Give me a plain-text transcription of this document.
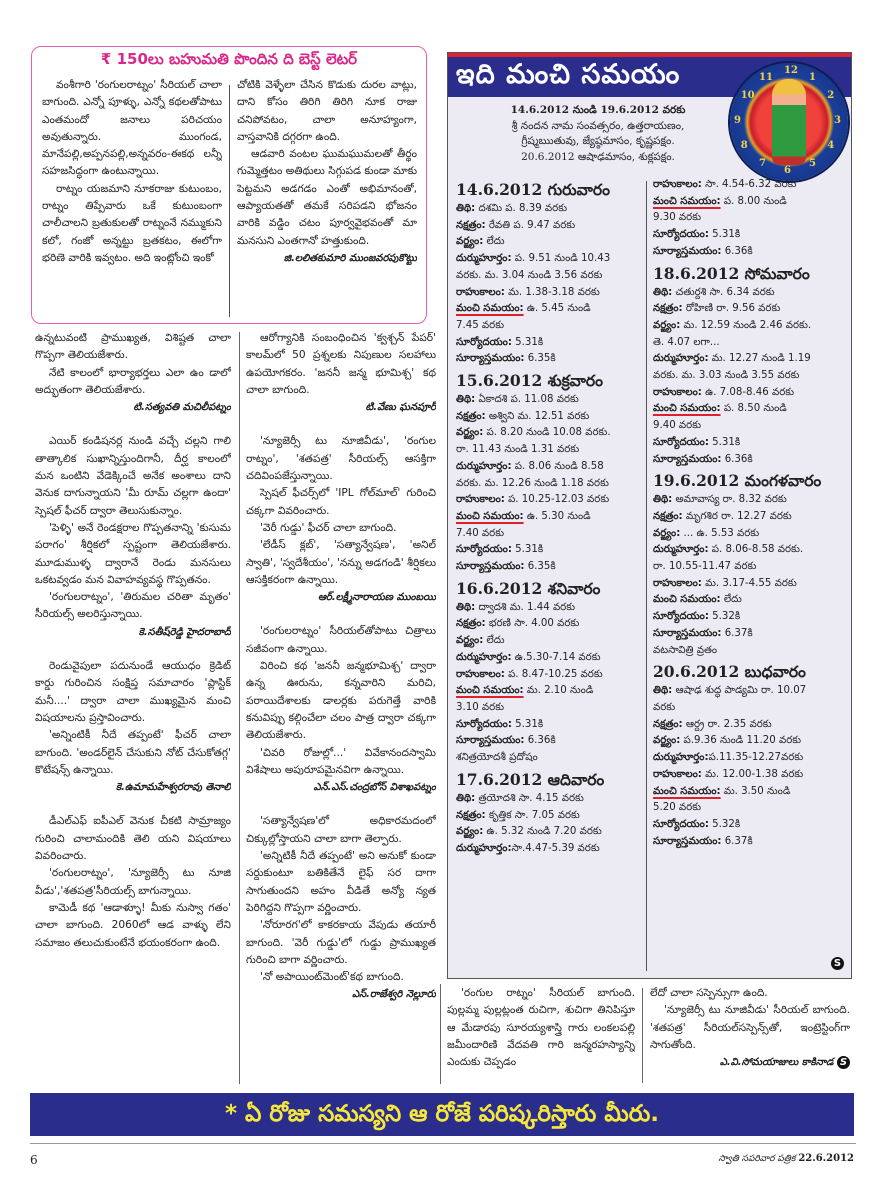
₹ 150లు బహుమతి పొందిన ది బెస్ట్ లెటర్

వంశీగారి 'రంగులరాట్నం' సీరియల్ చాలా బాగుంది. ఎన్నో పూళ్ళు, ఎన్నో కథలతోపాటు ఎంతమందో జనాలు పరిచయం అవుతున్నారు. ముంగండ, మానేపల్లి,అప్పనపల్లి,అన్నవరం-ఈకథ లన్నీ సహజసిద్ధంగా ఉంటున్నాయి.

రాట్నం యజమాని నూకరాజు కుటుంబం, రాట్నం తిప్పేవారు ఒకే కుటుంబంగా చాలీచాలని బ్రతుకులతో రాట్నంనే నమ్ముకుని కలో, గంజో అన్నట్టు బ్రతకటం, ఈలోగా భరిణె వారికి ఇవ్వటం. అది ఇంట్లోంచి ఇంకో

చోటికి వెళ్ళేలా చేసిన కొడుకు దురల వాట్లు, దాని కోసం తిరిగి తిరిగి నూక రాజు చనిపోవటం, చాలా అనూహ్యంగా, వాస్తవానికి దగ్గరగా ఉంది.

ఆడవారి వంటల ఘుమఘుమలతో తీర్థం గుమ్మెత్తటం అతిథులు సిగ్గుపడ కుండా మాకు పెట్టమని అడగడం ఎంతో అభిమానంతో, ఆప్యాయతతో తమకే సరిపడని భోజనం వారికి వడ్డిం చటం పూర్వవైభవంతో మా మనసుని ఎంతగానో హత్తుకుంది.

జి.లలితకుమారి ముంజవరపుకొట్టు

ఉన్నటువంటి ప్రాముఖ్యత, విశిష్టత చాలా గొప్పగా తెలియజేశారు.

నేటి కాలంలో భార్యాభర్తలు ఎలా ఉం డాలో అద్భుతంగా తెలియజేశారు.

టి.సత్యవతి మచిలీపట్నం

ఎయిర్ కండిషనర్ల నుండి వచ్చే చల్లని గాలి తాత్కాలిక సుఖాన్నిస్తుందిగానీ, దీర్ఘ కాలంలో మన ఒంటిని వేడెక్కించే అనేక అంశాలు దాని వెనుక దాగున్నాయని 'మీ రూమ్ చల్లగా ఉందా' స్పెషల్ ఫీచర్ ద్వారా తెలుసుకున్నాం.

'పెళ్ళి' అనే రెండక్షరాల గొప్పతనాన్ని 'కుసుమ పరాగం' శీర్షికలో స్పష్టంగా తెలియజేశారు. మూడుముళ్ళ ద్వారానే రెండు మనసులు ఒకటవ్వడం మన వివాహవ్యవస్థ గొప్పతనం.

'రంగులరాట్నం', 'తిరుమల చరితా మృతం' సీరియల్స్ అలరిస్తున్నాయి.

కె.సతీష్‌రెడ్డి హైదరాబాద్

రెండువైపులా పదునుండే ఆయుధం క్రెడిట్ కార్డు గురించిన సంక్షిప్త సమాచారం 'ప్లాస్టిక్ మనీ....' ద్వారా చాలా ముఖ్యమైన మంచి విషయాలను ప్రస్తావించారు.

'అన్నింటికీ నీదే తప్పంటే' ఫీచర్ చాలా బాగుంది. 'అండర్‌లైన్ చేసుకుని నోట్ చేసుకోతగ్గ' కొటేషన్స్ ఉన్నాయి.

కె.ఉమామహేశ్వరరావు తెనాలి

డీఎల్‌ఎఫ్ ఐపీఎల్ వెనుక చీకటి సామ్రాజ్యం గురించి చాలామందికి తెలి యని విషయాలు వివరించారు.

'రంగులరాట్నం', 'న్యూజెర్సీ టు నూజి వీడు','శతపత్ర'సీరియల్స్ బాగున్నాయి.

కామెడీ కథ 'ఆడాళ్ళూ! మీకు నుస్వా గతం' చాలా బాగుంది. 2060లో ఆడ వాళ్ళు లేని సమాజం తలుచుకుంటేనే భయంకరంగా ఉంది.

ఆరోగ్యానికి సంబంధించిన 'క్వశ్చన్ పేపర్' కాలమ్‌లో 50 ప్రశ్నలకు నిపుణుల సలహాలు ఉపయోగకరం. 'జననీ జన్మ భూమిశ్చ' కథ చాలా బాగుంది.

టి.వేణు ఘనపూర్

'న్యూజెర్సీ టు నూజివీడు', 'రంగుల రాట్నం', 'శతపత్ర' సీరియల్స్ ఆసక్తిగా చదివింపజేస్తున్నాయి.

స్పెషల్ ఫీచర్స్‌లో 'IPL గోల్‌మాల్' గురించి చక్కగా వివరించారు.

'వెరీ గుడ్డు' ఫీచర్ చాలా బాగుంది.

'లేడీస్ క్లబ్', 'సత్యాన్వేషణ', 'అనిల్ స్వాతి', 'స్వదేశీయం', 'నన్ను అడగండి' శీర్షికలు ఆసక్తికరంగా ఉన్నాయి.

ఆర్.లక్ష్మీనారాయణ ముంబయి

'రంగులరాట్నం' సీరియల్‌తోపాటు చిత్రాలు సజీవంగా ఉన్నాయి.

విరించి కథ 'జననీ జన్మభూమిశ్చ' ద్వారా ఉన్న ఊరును, కన్నవారిని మరిచి, పరాయిదేశాలకు డాలర్లకు పరుగెత్తే వారికి కనువిప్పు కల్గించేలా చలం పాత్ర ద్వారా చక్కగా తెలియజేశారు.

'చివరి రోజుల్లో...' వివేకానందస్వామి విశేషాలు అపురూపమైనవిగా ఉన్నాయి.

ఎన్.ఎస్.చంద్రబోస్ విశాఖపట్నం

'సత్యాన్వేషణ'లో అధికారమదంలో చిక్కుల్లోస్తాయని చాలా బాగా తెల్పారు.

'అన్నిటికీ నీదే తప్పంటే' అని అనుకో కుండా సర్దుకుంటూ బతికితేనే లైఫ్ సర దాగా సాగుతుందని అహం వీడితే అన్యో న్యత పెరిగిద్దని గొప్పగా వర్ణించారు.

'నోరూరగ'లో కాకరకాయ వేపుడు తయారీ బాగుంది. 'వెరీ గుడ్డు'లో గుడ్డు ప్రాముఖ్యత గురించి బాగా వర్ణించారు.

'నో అపాయింట్‌మెంట్'కథ బాగుంది.

ఎస్.రాజేశ్వరి నెల్లూరు

ఇది మంచి సమయం	12
1
2
3
4
5
6
7
8
9
10
11
14.6.2012 నుండి 19.6.2012 వరకు
శ్రీ నందన నామ సంవత్సరం, ఉత్తరాయణం,
గ్రీష్మఋతువు, జ్యేష్ఠమాసం, కృష్ణపక్షం.
20.6.2012 ఆషాఢమాసం, శుక్లపక్షం.
14.6.2012 గురువారం
తిథి: దశమి ప. 8.39 వరకు
నక్షత్రం: రేవతి ప. 9.47 వరకు
వర్జ్యం: లేదు
దుర్ముహూర్తం: ప. 9.51 నుండి 10.43
వరకు. మ. 3.04 నుండి 3.56 వరకు
రాహుకాలం: మ. 1.38-3.18 వరకు
మంచి సమయం: ఉ. 5.45 నుండి
7.45 వరకు
సూర్యోదయం: 5.31కి
సూర్యాస్తమయం: 6.35కి
15.6.2012 శుక్రవారం
తిథి: ఏకాదశి ప. 11.08 వరకు
నక్షత్రం: అశ్విని మ. 12.51 వరకు
వర్జ్యం: ప. 8.20 నుండి 10.08 వరకు.
రా. 11.43 నుండి 1.31 వరకు
దుర్ముహూర్తం: ప. 8.06 నుండి 8.58
వరకు. మ. 12.26 నుండి 1.18 వరకు
రాహుకాలం: ప. 10.25-12.03 వరకు
మంచి సమయం: ఉ. 5.30 నుండి
7.40 వరకు
సూర్యోదయం: 5.31కి
సూర్యాస్తమయం: 6.35కి
16.6.2012 శనివారం
తిథి: ద్వాదశి మ. 1.44 వరకు
నక్షత్రం: భరణి సా. 4.00 వరకు
వర్జ్యం: లేదు
దుర్ముహూర్తం: ఉ.5.30-7.14 వరకు
రాహుకాలం: ప. 8.47-10.25 వరకు
మంచి సమయం: మ. 2.10 నుండి
3.10 వరకు
సూర్యోదయం: 5.31కి
సూర్యాస్తమయం: 6.36కి
శనిత్రయోదశీ ప్రదోషం
17.6.2012 ఆదివారం
తిథి: త్రయోదశి సా. 4.15 వరకు
నక్షత్రం: కృత్తిక సా. 7.05 వరకు
వర్జ్యం: ఉ. 5.32 నుండి 7.20 వరకు
దుర్ముహూర్తం:సా.4.47-5.39 వరకు
రాహుకాలం: సా. 4.54-6.32 వరకు
మంచి సమయం: ప. 8.00 నుండి
9.30 వరకు
సూర్యోదయం: 5.31కి
సూర్యాస్తమయం: 6.36కి
18.6.2012 సోమవారం
తిథి: చతుర్దశి సా. 6.34 వరకు
నక్షత్రం: రోహిణి రా. 9.56 వరకు
వర్జ్యం: మ. 12.59 నుండి 2.46 వరకు.
తె. 4.07 లగా...
దుర్ముహూర్తం: మ. 12.27 నుండి 1.19
వరకు. మ. 3.03 నుండి 3.55 వరకు
రాహుకాలం: ఉ. 7.08-8.46 వరకు
మంచి సమయం: ప. 8.50 నుండి
9.40 వరకు
సూర్యోదయం: 5.31కి
సూర్యాస్తమయం: 6.36కి
19.6.2012 మంగళవారం
తిథి: అమావాస్య రా. 8.32 వరకు
నక్షత్రం: మృగశిర రా. 12.27 వరకు
వర్జ్యం: ... ఉ. 5.53 వరకు
దుర్ముహూర్తం: ప. 8.06-8.58 వరకు.
రా. 10.55-11.47 వరకు
రాహుకాలం: మ. 3.17-4.55 వరకు
మంచి సమయం: లేదు
సూర్యోదయం: 5.32కి
సూర్యాస్తమయం: 6.37కి
వటసావిత్రి వ్రతం
20.6.2012 బుధవారం
తిథి: ఆషాఢ శుద్ధ పాడ్యమి రా. 10.07
వరకు
నక్షత్రం: ఆర్ద్ర రా. 2.35 వరకు
వర్జ్యం: ప.9.36 నుండి 11.20 వరకు
దుర్ముహూర్తం:ప.11.35-12.27వరకు
రాహుకాలం: మ. 12.00-1.38 వరకు
మంచి సమయం: మ. 3.50 నుండి
5.20 వరకు
సూర్యోదయం: 5.32కి
సూర్యాస్తమయం: 6.37కి
S

'రంగుల రాట్నం' సీరియల్ బాగుంది. పుల్లమ్మ పుల్లట్లంత రుచిగా, శుచిగా తినిపిస్తూ ఆ మేడారపు సూరయ్యశాస్త్రి గారు లంకలపల్లి జమీందారిణి వేదవతి గారి జన్మరహస్యాన్ని ఎందుకు చెప్పడం

లేదో చాలా సస్పెన్సుగా ఉంది.

'న్యూజెర్సీ టు నూజివీడు' సీరియల్ బాగుంది. 'శతపత్ర' సీరియల్‌సస్పెన్స్‌తో, ఇంట్రెస్టింగ్‌గా సాగుతోంది.

ఎ.వి.సోమయాజులు కాకినాడ S

* ఏ రోజు సమస్యని ఆ రోజే పరిష్కరిస్తారు మీరు.
6	స్వాతి సపరివార పత్రిక 22.6.2012
